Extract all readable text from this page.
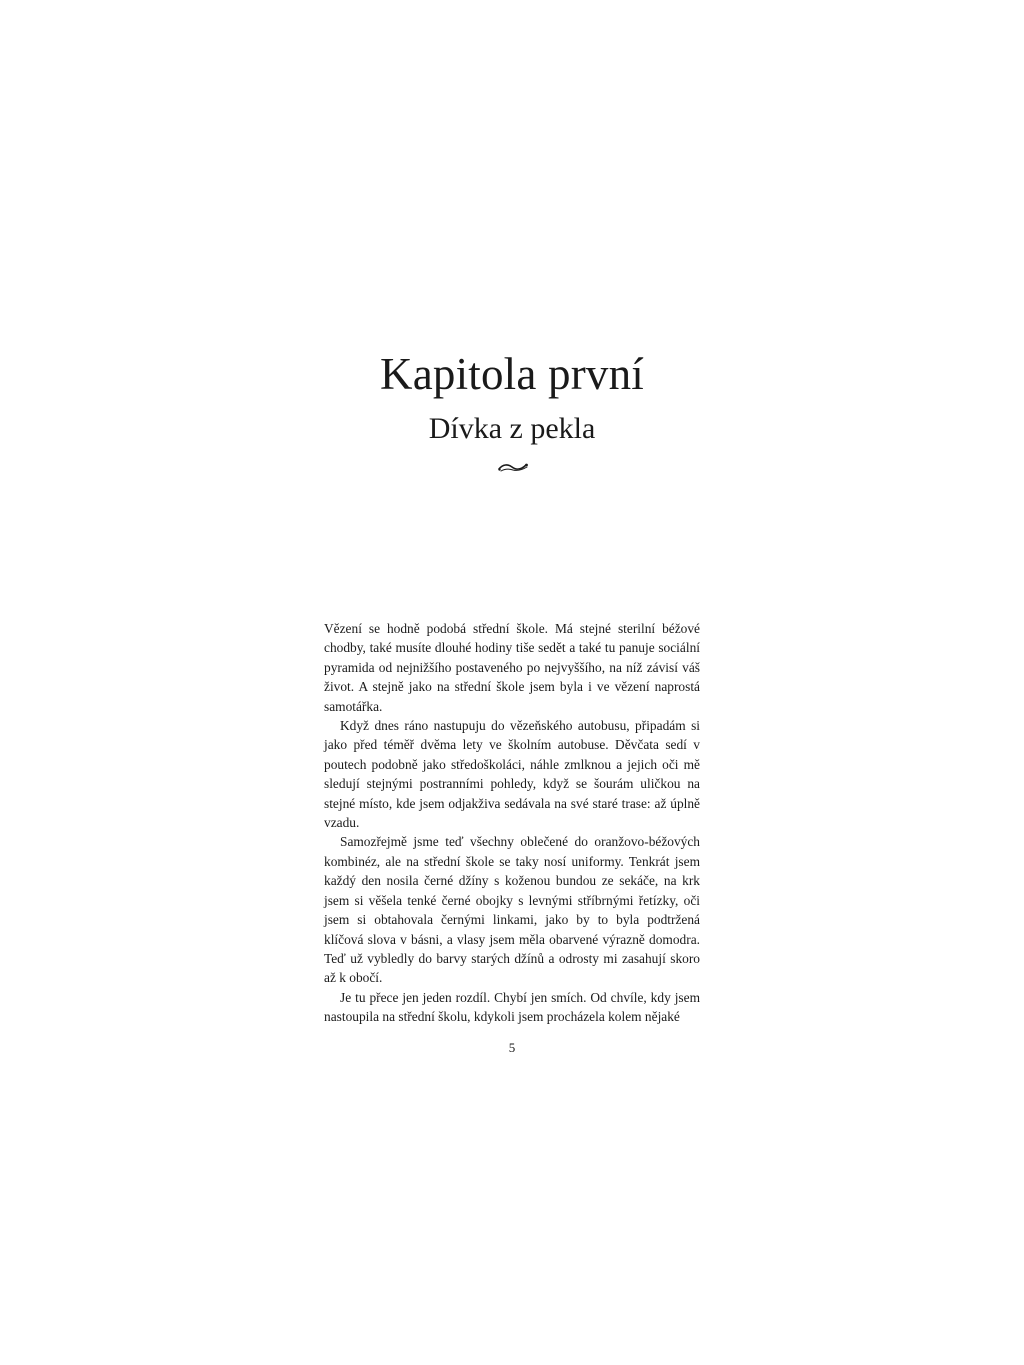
Kapitola první
Dívka z pekla

Vězení se hodně podobá střední škole. Má stejné sterilní béžové chodby, také musíte dlouhé hodiny tiše sedět a také tu panuje sociální pyramida od nejnižšího postaveného po nejvyššího, na níž závisí váš život. A stejně jako na střední škole jsem byla i ve vězení naprostá samotářka.

Když dnes ráno nastupuju do vězeňského autobusu, připadám si jako před téměř dvěma lety ve školním autobuse. Děvčata sedí v poutech podobně jako středoškoláci, náhle zmlknou a jejich oči mě sledují stejnými postranními pohledy, když se šourám uličkou na stejné místo, kde jsem odjakživa sedávala na své staré trase: až úplně vzadu.

Samozřejmě jsme teď všechny oblečené do oranžovo-béžových kombinéz, ale na střední škole se taky nosí uniformy. Tenkrát jsem každý den nosila černé džíny s koženou bundou ze sekáče, na krk jsem si věšela tenké černé obojky s levnými stříbrnými řetízky, oči jsem si obtahovala černými linkami, jako by to byla podtržená klíčová slova v básni, a vlasy jsem měla obarvené výrazně domodra. Teď už vybledly do barvy starých džínů a odrosty mi zasahují skoro až k obočí.

Je tu přece jen jeden rozdíl. Chybí jen smích. Od chvíle, kdy jsem nastoupila na střední školu, kdykoli jsem procházela kolem nějaké

5
